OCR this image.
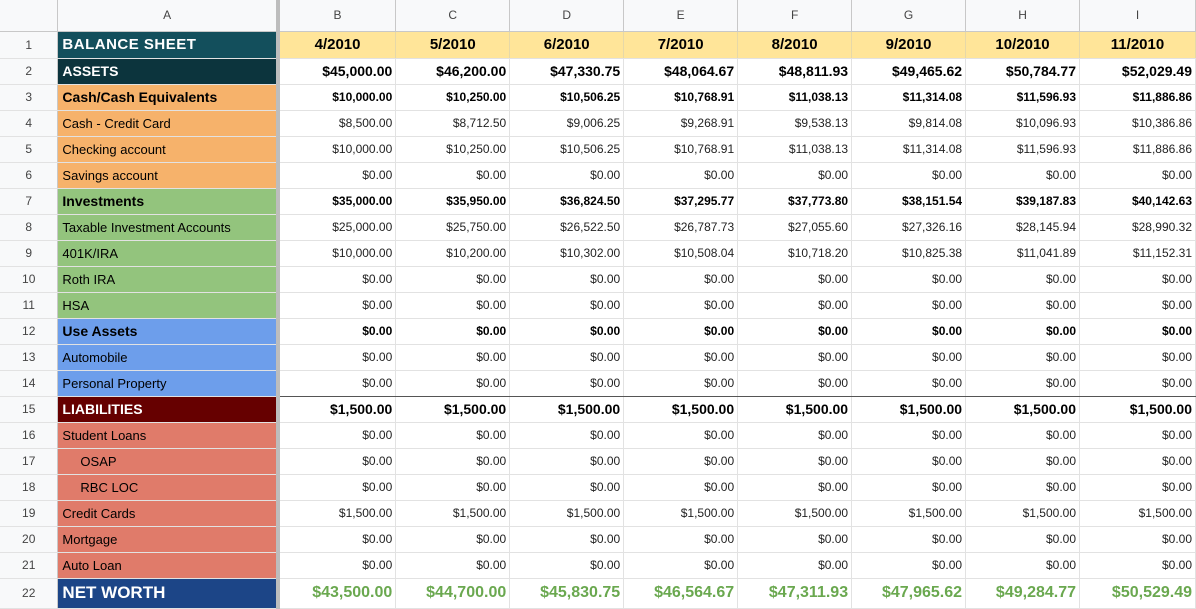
	A	B	C	D	E	F	G	H	I
1	BALANCE SHEET	4/2010	5/2010	6/2010	7/2010	8/2010	9/2010	10/2010	11/2010
2	ASSETS	$45,000.00	$46,200.00	$47,330.75	$48,064.67	$48,811.93	$49,465.62	$50,784.77	$52,029.49
3	Cash/Cash Equivalents	$10,000.00	$10,250.00	$10,506.25	$10,768.91	$11,038.13	$11,314.08	$11,596.93	$11,886.86
4	Cash - Credit Card	$8,500.00	$8,712.50	$9,006.25	$9,268.91	$9,538.13	$9,814.08	$10,096.93	$10,386.86
5	Checking account	$10,000.00	$10,250.00	$10,506.25	$10,768.91	$11,038.13	$11,314.08	$11,596.93	$11,886.86
6	Savings account	$0.00	$0.00	$0.00	$0.00	$0.00	$0.00	$0.00	$0.00
7	Investments	$35,000.00	$35,950.00	$36,824.50	$37,295.77	$37,773.80	$38,151.54	$39,187.83	$40,142.63
8	Taxable Investment Accounts	$25,000.00	$25,750.00	$26,522.50	$26,787.73	$27,055.60	$27,326.16	$28,145.94	$28,990.32
9	401K/IRA	$10,000.00	$10,200.00	$10,302.00	$10,508.04	$10,718.20	$10,825.38	$11,041.89	$11,152.31
10	Roth IRA	$0.00	$0.00	$0.00	$0.00	$0.00	$0.00	$0.00	$0.00
11	HSA	$0.00	$0.00	$0.00	$0.00	$0.00	$0.00	$0.00	$0.00
12	Use Assets	$0.00	$0.00	$0.00	$0.00	$0.00	$0.00	$0.00	$0.00
13	Automobile	$0.00	$0.00	$0.00	$0.00	$0.00	$0.00	$0.00	$0.00
14	Personal Property	$0.00	$0.00	$0.00	$0.00	$0.00	$0.00	$0.00	$0.00
15	LIABILITIES	$1,500.00	$1,500.00	$1,500.00	$1,500.00	$1,500.00	$1,500.00	$1,500.00	$1,500.00
16	Student Loans	$0.00	$0.00	$0.00	$0.00	$0.00	$0.00	$0.00	$0.00
17	OSAP	$0.00	$0.00	$0.00	$0.00	$0.00	$0.00	$0.00	$0.00
18	RBC LOC	$0.00	$0.00	$0.00	$0.00	$0.00	$0.00	$0.00	$0.00
19	Credit Cards	$1,500.00	$1,500.00	$1,500.00	$1,500.00	$1,500.00	$1,500.00	$1,500.00	$1,500.00
20	Mortgage	$0.00	$0.00	$0.00	$0.00	$0.00	$0.00	$0.00	$0.00
21	Auto Loan	$0.00	$0.00	$0.00	$0.00	$0.00	$0.00	$0.00	$0.00
22	NET WORTH	$43,500.00	$44,700.00	$45,830.75	$46,564.67	$47,311.93	$47,965.62	$49,284.77	$50,529.49
